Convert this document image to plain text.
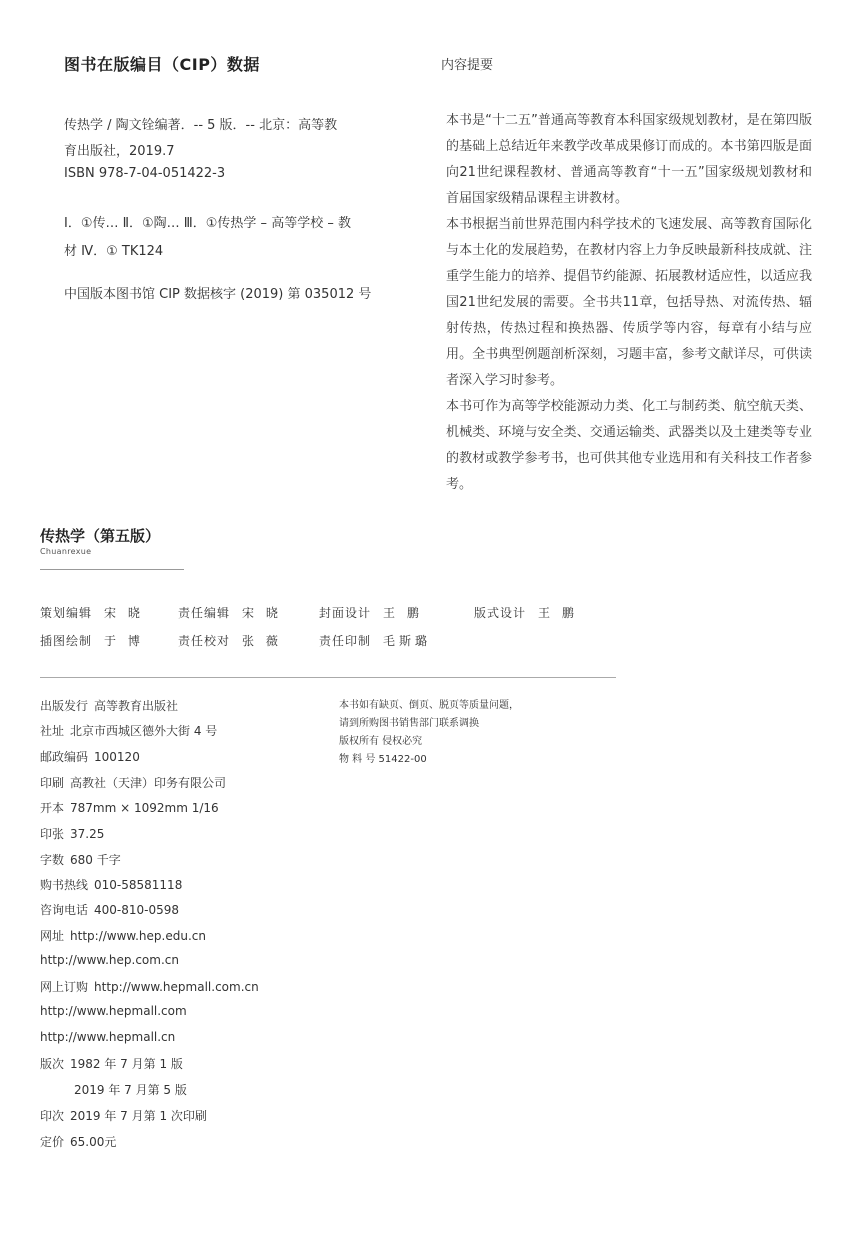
图书在版编目（CIP）数据
传热学 / 陶文铨编著．-- 5 版．-- 北京：高等教
育出版社，2019.7
ISBN 978-7-04-051422-3
Ⅰ．①传… Ⅱ．①陶… Ⅲ．①传热学 – 高等学校 – 教
材 Ⅳ．① TK124
中国版本图书馆 CIP 数据核字 (2019) 第 035012 号
内容提要

本书是“十二五”普通高等教育本科国家级规划教材，是在第四版的基础上总结近年来教学改革成果修订而成的。本书第四版是面向21世纪课程教材、普通高等教育“十一五”国家级规划教材和首届国家级精品课程主讲教材。

本书根据当前世界范围内科学技术的飞速发展、高等教育国际化与本土化的发展趋势，在教材内容上力争反映最新科技成就、注重学生能力的培养、提倡节约能源、拓展教材适应性，以适应我国21世纪发展的需要。全书共11章，包括导热、对流传热、辐射传热，传热过程和换热器、传质学等内容，每章有小结与应用。全书典型例题剖析深刻，习题丰富，参考文献详尽，可供读者深入学习时参考。

本书可作为高等学校能源动力类、化工与制药类、航空航天类、机械类、环境与安全类、交通运输类、武器类以及土建类等专业的教材或教学参考书，也可供其他专业选用和有关科技工作者参考。

传热学（第五版）
Chuanrexue
策划编辑 宋 晓	责任编辑 宋 晓	封面设计 王 鹏	版式设计 王 鹏
插图绘制 于 博	责任校对 张 薇	责任印制 毛斯璐
出版发行 高等教育出版社
社址 北京市西城区德外大街 4 号
邮政编码 100120
印刷 高教社（天津）印务有限公司
开本 787mm × 1092mm 1/16
印张 37.25
字数 680 千字
购书热线 010-58581118
咨询电话 400-810-0598
网址 http://www.hep.edu.cn
http://www.hep.com.cn
网上订购 http://www.hepmall.com.cn
http://www.hepmall.com
http://www.hepmall.cn
版次 1982 年 7 月第 1 版
2019 年 7 月第 5 版
印次 2019 年 7 月第 1 次印刷
定价 65.00元
本书如有缺页、倒页、脱页等质量问题，
请到所购图书销售部门联系调换
版权所有 侵权必究
物 料 号 51422-00
